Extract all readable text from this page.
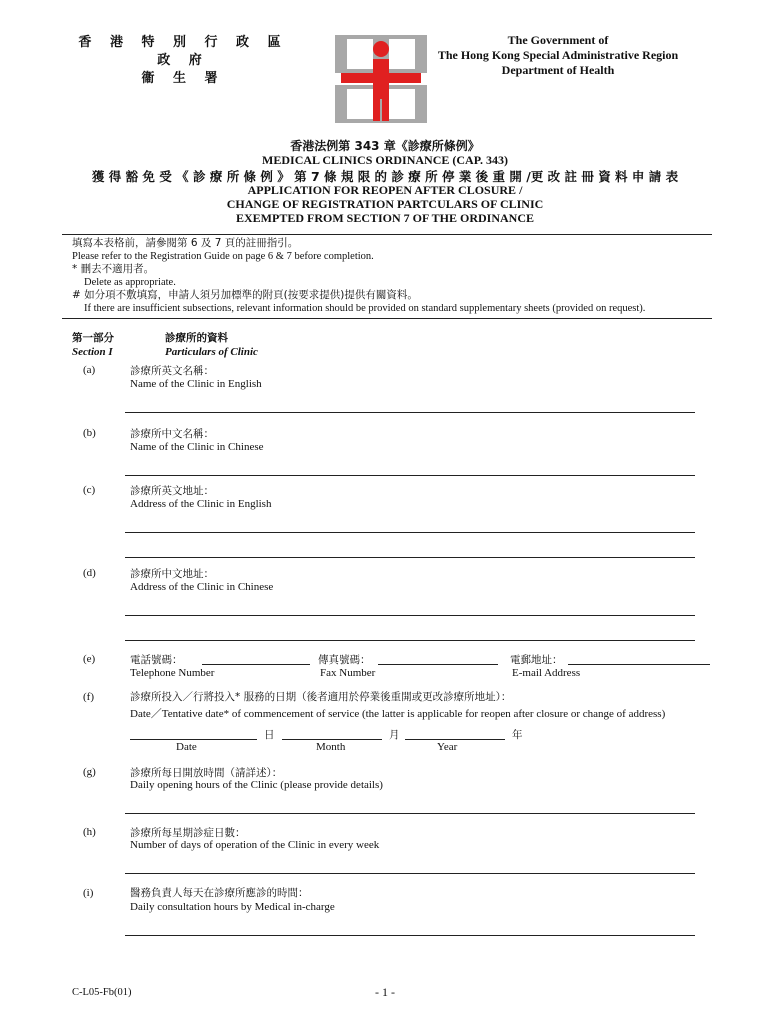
香 港 特 別 行 政 區 政 府
衞 生 署
The Government of
The Hong Kong Special Administrative Region
Department of Health
香港法例第 343 章《診療所條例》
MEDICAL CLINICS ORDINANCE (CAP. 343)
獲 得 豁 免 受 《 診 療 所 條 例 》 第 7 條 規 限 的 診 療 所 停 業 後 重 開 /更 改 註 冊 資 料 申 請 表
APPLICATION FOR REOPEN AFTER CLOSURE /
CHANGE OF REGISTRATION PARTCULARS OF CLINIC
EXEMPTED FROM SECTION 7 OF THE ORDINANCE
填寫本表格前，請參閱第 6 及 7 頁的註冊指引。
Please refer to the Registration Guide on page 6 & 7 before completion.
* 刪去不適用者。
Delete as appropriate.
# 如分項不敷填寫，申請人須另加標準的附頁(按要求提供)提供有關資料。
If there are insufficient subsections, relevant information should be provided on standard supplementary sheets (provided on request).
第一部分
Section I
診療所的資料
Particulars of Clinic
(a)	診療所英文名稱：
Name of the Clinic in English
(b)	診療所中文名稱：
Name of the Clinic in Chinese
(c)	診療所英文地址：
Address of the Clinic in English
(d)	診療所中文地址：
Address of the Clinic in Chinese
(e)	電話號碼：
Telephone Number
傳真號碼：
Fax Number
電郵地址：
E-mail Address
(f)	診療所投入／行將投入* 服務的日期（後者適用於停業後重開或更改診療所地址）：
Date／Tentative date* of commencement of service (the latter is applicable for reopen after closure or change of address)
日	月	年
Date	Month	Year
(g)	診療所每日開放時間（請詳述）：
Daily opening hours of the Clinic (please provide details)
(h)	診療所每星期診症日數：
Number of days of operation of the Clinic in every week
(i)	醫務負責人每天在診療所應診的時間：
Daily consultation hours by Medical in-charge
C-L05-Fb(01)	- 1 -
